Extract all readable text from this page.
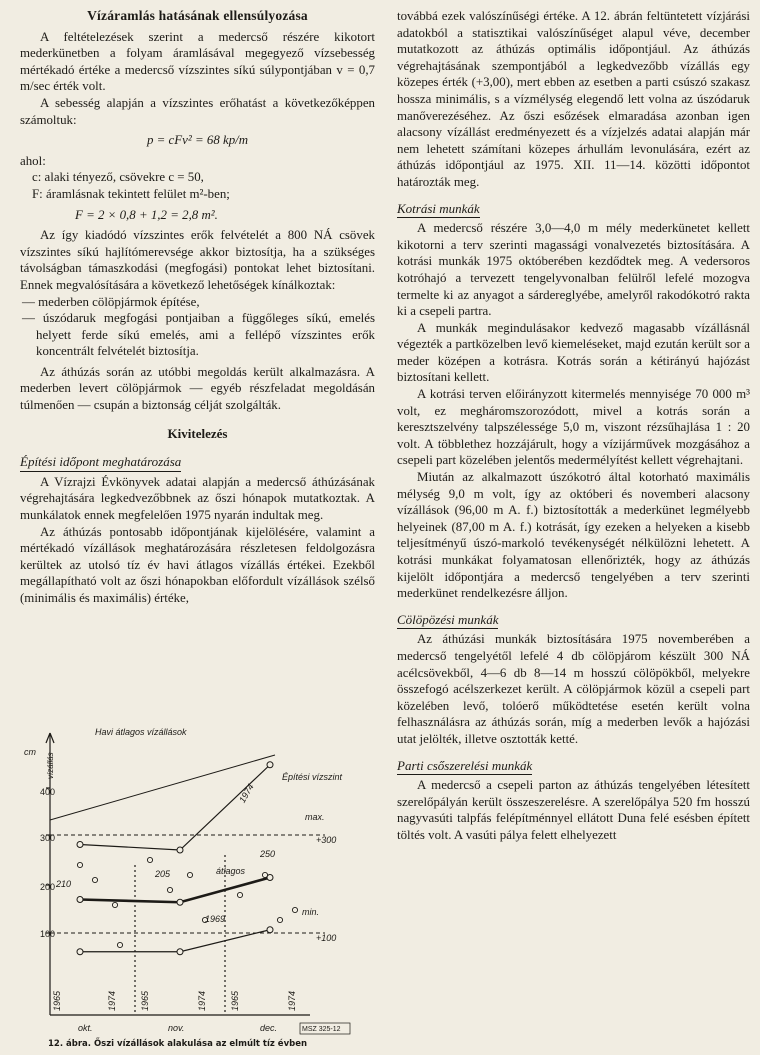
Vízáramlás hatásának ellensúlyozása

A feltételezések szerint a medercső részére kikotort mederkünetben a folyam áramlásával megegyező vízsebesség mértékadó értéke a medercső vízszintes síkú súlypontjában v = 0,7 m/sec érték volt.

A sebesség alapján a vízszintes erőhatást a következőképpen számoltuk:

p = cFv² = 68 kp/m

ahol:

c: alaki tényező, csövekre c = 50,

F: áramlásnak tekintett felület m²-ben;

F = 2 × 0,8 + 1,2 = 2,8 m².

Az így kiadódó vízszintes erők felvételét a 800 NÁ csövek vízszintes síkú hajlítómerevsége akkor biztosítja, ha a szükséges távolságban támaszkodási (megfogási) pontokat lehet biztosítani. Ennek megvalósítására a következő lehetőségek kínálkoztak:

— mederben cölöpjármok építése,

— úszódaruk megfogási pontjaiban a függőleges síkú, emelés helyett ferde síkú emelés, ami a fellépő vízszintes erők koncentrált felvételét biztosítja.

Az áthúzás során az utóbbi megoldás került alkalmazásra. A mederben levert cölöpjármok — egyéb részfeladat megoldásán túlmenően — csupán a biztonság célját szolgálták.

Kivitelezés
Építési időpont meghatározása

A Vízrajzi Évkönyvek adatai alapján a medercső áthúzásának végrehajtására legkedvezőbbnek az őszi hónapok mutatkoztak. A munkálatok ennek megfelelően 1975 nyarán indultak meg.

Az áthúzás pontosabb időpontjának kijelölésére, valamint a mértékadó vízállások meghatározására részletesen feldolgozásra kerültek az utolsó tíz év havi átlagos vízállás értékei. Ezekből megállapítható volt az őszi hónapokban előfordult vízállások szélső (minimális és maximális) értéke,

cm
vízállás
Havi átlagos vízállások
Építési vízszint
max.
+300
átlagos
min.
+100
210
205
250
1969
1974
400
300
200
100
okt.	nov.	dec.
1965	1974	1965	1974	1965	1974
MSZ 325-12
12. ábra. Őszi vízállások alakulása az elmúlt tíz évben

továbbá ezek valószínűségi értéke. A 12. ábrán feltüntetett vízjárási adatokból a statisztikai valószínűséget alapul véve, december mutatkozott az áthúzás optimális időpontjául. Az áthúzás végrehajtásának szempontjából a legkedvezőbb vízállás egy közepes érték (+3,00), mert ebben az esetben a parti csúszó szakasz hossza minimális, s a vízmélység elegendő lett volna az úszódaruk manőverezéséhez. Az őszi esőzések elmaradása azonban igen alacsony vízállást eredményezett és a vízjelzés adatai alapján már nem lehetett számítani közepes árhullám levonulására, ezért az áthúzás időpontjául az 1975. XII. 11—14. közötti időpontot határozták meg.

Kotrási munkák

A medercső részére 3,0—4,0 m mély mederkünetet kellett kikotorni a terv szerinti magassági vonalvezetés biztosítására. A kotrási munkák 1975 októberében kezdődtek meg. A vedersoros kotróhajó a tervezett tengelyvonalban felülről lefelé mozogva termelte ki az anyagot a sárdereglyébe, amelyről rakodókotró rakta ki a csepeli partra.

A munkák megindulásakor kedvező magasabb vízállásnál végezték a partközelben levő kiemeléseket, majd ezután került sor a meder középen a kotrásra. Kotrás során a kétirányú hajózást biztosítani kellett.

A kotrási terven előirányzott kitermelés mennyisége 70 000 m³ volt, ez megháromszorozódott, mivel a kotrás során a keresztszelvény talpszélessége 5,0 m, viszont rézsűhajlása 1 : 20 volt. A többlethez hozzájárult, hogy a vízijárművek mozgásához a csepeli part közelében jelentős medermélyítést kellett végrehajtani.

Miután az alkalmazott úszókotró által kotorható maximális mélység 9,0 m volt, így az októberi és novemberi alacsony vízállások (96,00 m A. f.) biztosították a mederkünet legmélyebb helyeinek (87,00 m A. f.) kotrását, így ezeken a helyeken a kisebb teljesítményű úszó-markoló tevékenységét nélkülözni lehetett. A kotrási munkákat folyamatosan ellenőrizték, hogy az áthúzás kijelölt időpontjára a medercső tengelyében a terv szerinti mederkünet rendelkezésre álljon.

Cölöpözési munkák

Az áthúzási munkák biztosítására 1975 novemberében a medercső tengelyétől lefelé 4 db cölöpjárom készült 300 NÁ acélcsövekből, 4—6 db 8—14 m hosszú cölöpökből, melyekre összefogó acélszerkezet került. A cölöpjármok közül a csepeli part közelében levő, tolóerő működtetése esetén került volna felhasználásra az áthúzás során, míg a mederben levők a hajózási utat jelölték, illetve osztották ketté.

Parti csőszerelési munkák

A medercső a csepeli parton az áthúzás tengelyében létesített szerelőpályán került összeszerelésre. A szerelőpálya 520 fm hosszú nagyvasúti talpfás felépítménnyel ellátott Duna felé esésben épített töltés volt. A vasúti pálya felett elhelyezett
